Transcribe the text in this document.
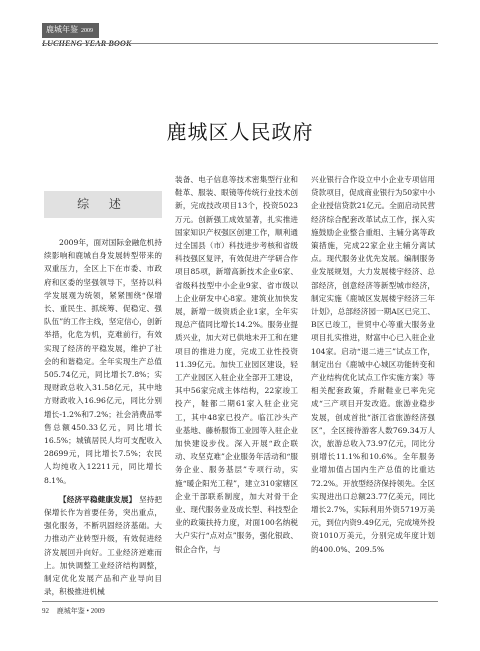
鹿城年鉴 2009
LUCHENG YEAR BOOK
鹿城区人民政府
综 述

2009年，面对国际金融危机持续影响和鹿城自身发展转型带来的双重压力，全区上下在市委、市政府和区委的坚强领导下，坚持以科学发展观为统领，紧紧围绕“保增长、重民生、抓统筹、促稳定、强队伍”的工作主线，坚定信心，创新举措，化危为机，克难前行，有效实现了经济的平稳发展，维护了社会的和谐稳定。全年实现生产总值505.74亿元，同比增长7.8%；实现财政总收入31.58亿元，其中地方财政收入16.96亿元，同比分别增长-1.2%和7.2%；社会消费品零售总额450.33亿元，同比增长16.5%；城镇居民人均可支配收入28699元，同比增长7.5%；农民人均纯收入12211元，同比增长8.1%。

【经济平稳健康发展】 坚持把保增长作为首要任务，突出重点，强化服务，不断巩固经济基础。大力推动产业转型升级，有效促进经济发展回升向好。工业经济逆难而上。加快调整工业经济结构调整，制定优化发展产品和产业导向目录，积极推进机械

装备、电子信息等技术密集型行业和鞋革、服装、眼镜等传统行业技术创新，完成技改项目13个，投资5023万元。创新强工成效显著，扎实推进国家知识产权强区创建工作，顺利通过全国县（市）科技进步考核和省级科技强区复评，有效促进产学研合作项目85项，新增高新技术企业6家、省级科技型中小企业9家、省市级以上企业研发中心8家。建筑业加快发展，新增一级资质企业1家，全年实现总产值同比增长14.2%。服务业提质兴业，加大对已供地未开工和在建项目的推进力度，完成工业性投资11.39亿元。加快工业园区建设，轻工产业园区入驻企业全部开工建设，其中56家完成主体结构，22家竣工投产，鞋都二期61家入驻企业完工，其中48家已投产。临江沙头产业基地、藤桥服饰工业园等入驻企业加快建设步伐。深入开展“政企联动、攻坚克难”企业服务年活动和“服务企业、服务基层”专项行动，实施“暖企阳光工程”，建立310家辖区企业干部联系制度，加大对骨干企业、现代服务业及成长型、科技型企业的政策扶持力度，对面100名纳税大户实行“点对点”服务，强化银政、银企合作，与

兴业银行合作设立中小企业专项信用贷款项目，促成商业银行为50家中小企业授信贷款21亿元。全面启动民营经济综合配套改革试点工作，探入实施鼓励企业整合重组、主辅分离等政策措施，完成22家企业主辅分离试点。现代服务业优先发展。编制服务业发展规划，大力发展楼宇经济、总部经济，创意经济等新型城市经济，制定实施《鹿城区发展楼宇经济三年计划》，总部经济园一期A区已完工、B区已竣工，世贸中心等重大服务业项目扎实推进，财富中心已入驻企业104家。启动“退二进三”试点工作，制定出台《鹿城中心城区功能转变和产业结构优化试点工作实施方案》等相关配套政策，乔耐鞋业已率先完成“三产项目开发改造。旅游业稳步发展，创成首批“浙江省旅游经济强区”，全区接待游客人数769.34万人次，旅游总收入73.97亿元，同比分别增长11.1%和10.6%。全年服务业增加值占国内生产总值的比重达72.2%。开放型经济保持领先。全区实现进出口总额23.77亿美元，同比增长2.7%，实际利用外资5719万美元，到位内资9.49亿元，完成境外投资1010万美元，分别完成年度计划的400.0%、209.5%

92 鹿城年鉴 • 2009
